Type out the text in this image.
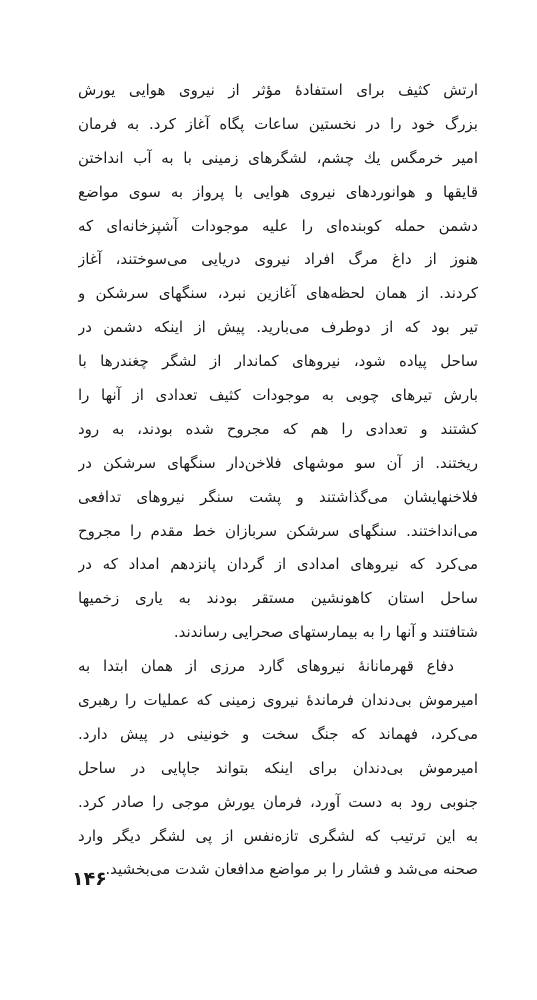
ارتش کثیف برای استفادهٔ مؤثر از نیروی هوایی یورش
بزرگ خود را در نخستین ساعات پگاه آغاز کرد. به فرمان
امیر خرمگس یك چشم، لشگرهای زمینی با به آب انداختن
قایقها و هوانوردهای نیروی هوایی با پرواز به سوی مواضع
دشمن حمله کوبنده‌ای را علیه موجودات آشپزخانه‌ای که
هنوز از داغ مرگ افراد نیروی دریایی می‌سوختند، آغاز
کردند. از همان لحظه‌های آغازین نبرد، سنگهای سرشکن و
تیر بود که از دوطرف می‌بارید. پیش از اینکه دشمن در
ساحل پیاده شود، نیروهای کماندار از لشگر چغندرها با
بارش تیرهای چوبی به موجودات کثیف تعدادی از آنها را
کشتند و تعدادی را هم که مجروح شده بودند، به رود
ریختند. از آن سو موشهای فلاخن‌دار سنگهای سرشکن در
فلاخنهایشان می‌گذاشتند و پشت سنگر نیروهای تدافعی
می‌انداختند. سنگهای سرشکن سربازان خط مقدم را مجروح
می‌کرد که نیروهای امدادی از گردان پانزدهم امداد که در
ساحل استان کاهونشین مستقر بودند به یاری زخمیها
شتافتند و آنها را به بیمارستهای صحرایی رساندند.
دفاع قهرمانانهٔ نیروهای گارد مرزی از همان ابتدا به
امیرموش بی‌دندان فرماندهٔ نیروی زمینی که عملیات را رهبری
می‌کرد، فهماند که جنگ سخت و خونینی در پیش دارد.
امیرموش بی‌دندان برای اینکه بتواند جاپایی در ساحل
جنوبی رود به دست آورد، فرمان یورش موجی را صادر کرد.
به این ترتیب که لشگری تازه‌نفس از پی لشگر دیگر وارد
صحنه می‌شد و فشار را بر مواضع مدافعان شدت می‌بخشید.
۱۴۶
